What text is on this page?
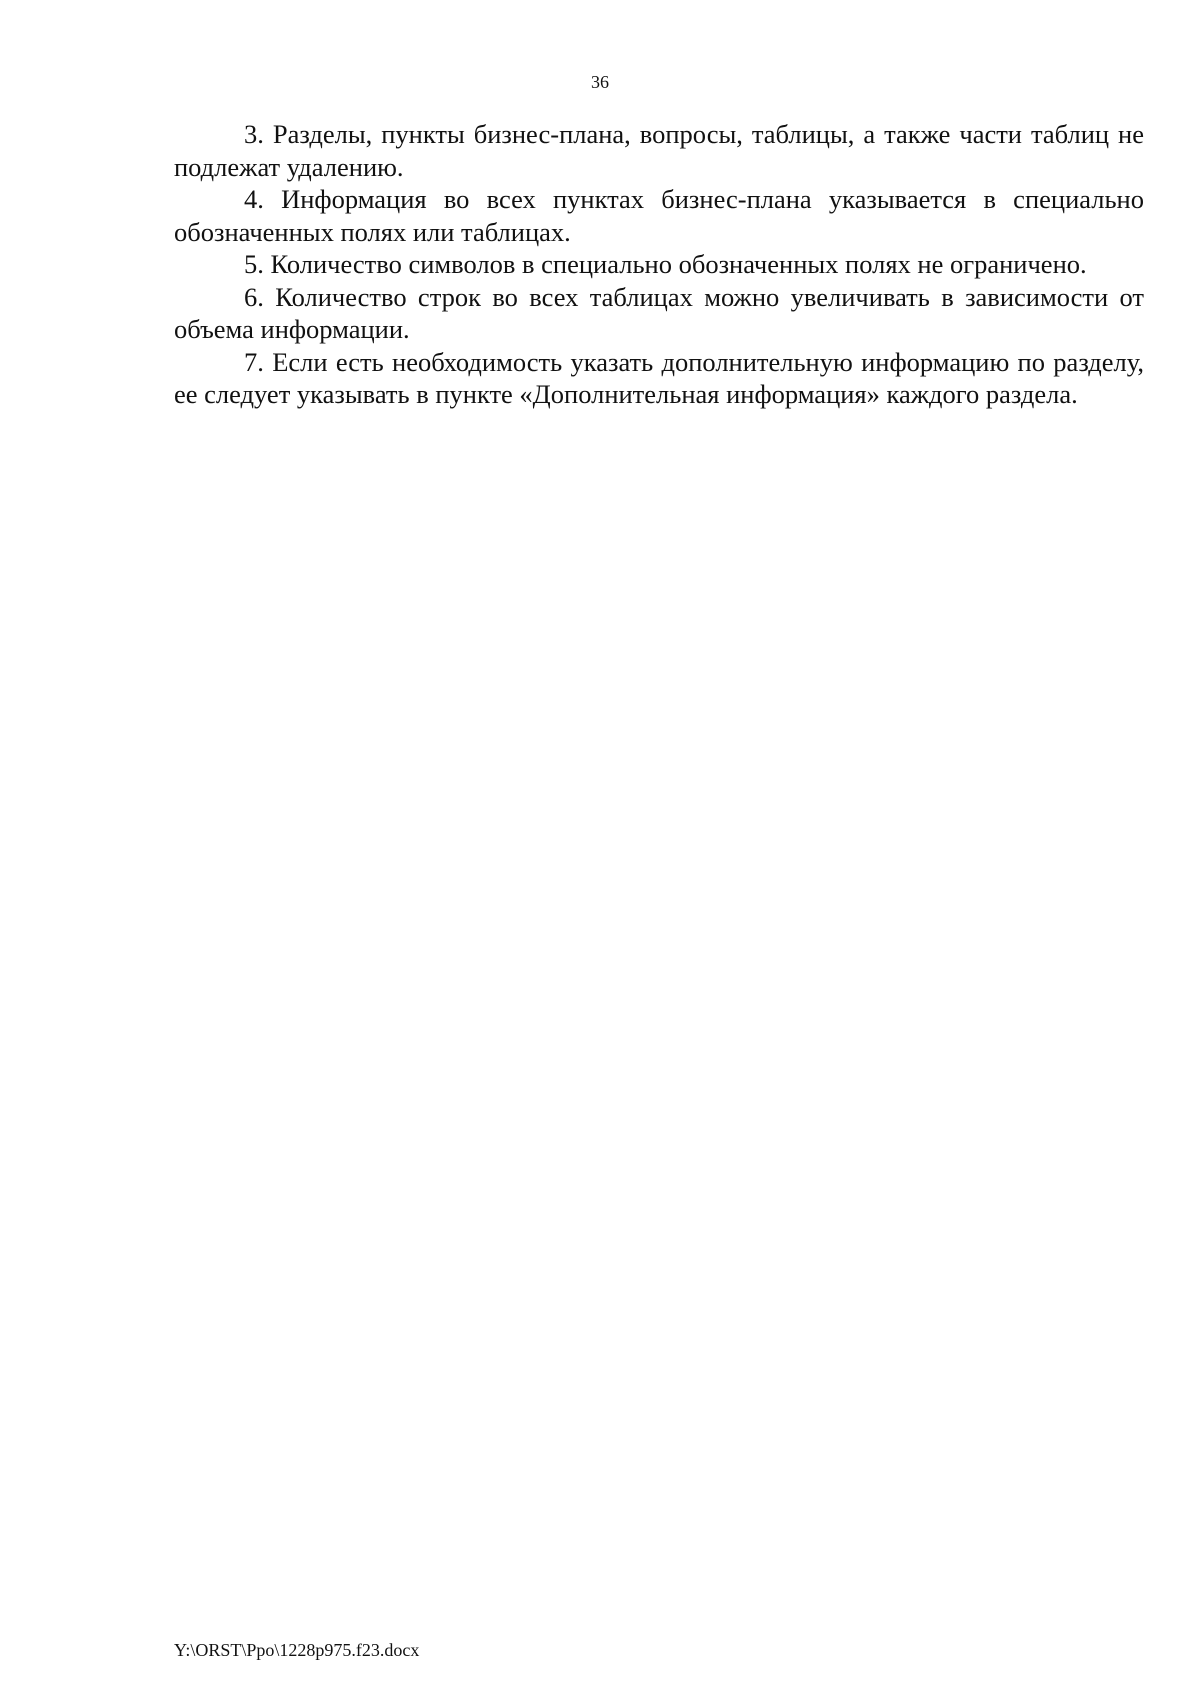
36

3. Разделы, пункты бизнес-плана, вопросы, таблицы, а также части таблиц не подлежат удалению.

4. Информация во всех пунктах бизнес-плана указывается в специально обозначенных полях или таблицах.

5. Количество символов в специально обозначенных полях не ограничено.

6. Количество строк во всех таблицах можно увеличивать в зависимости от объема информации.

7. Если есть необходимость указать дополнительную информацию по разделу, ее следует указывать в пункте «Дополнительная информация» каждого раздела.

Y:\ORST\Ppo\1228p975.f23.docx
